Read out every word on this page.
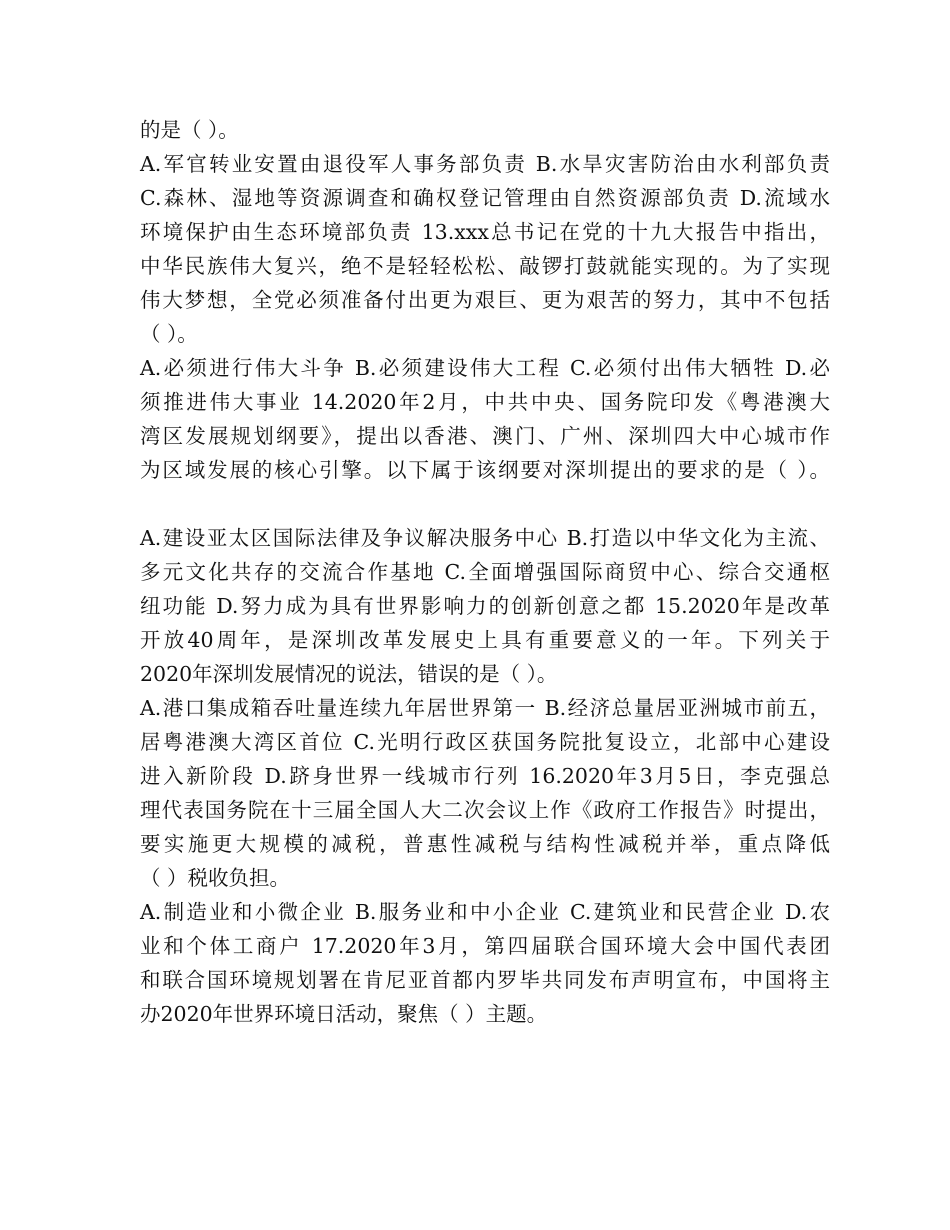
的是（ ）。
A.军官转业安置由退役军人事务部负责 B.水旱灾害防治由水利部负责
C.森林、湿地等资源调查和确权登记管理由自然资源部负责 D.流域水
环境保护由生态环境部负责 13.xxx总书记在党的十九大报告中指出，
中华民族伟大复兴，绝不是轻轻松松、敲锣打鼓就能实现的。为了实现
伟大梦想，全党必须准备付出更为艰巨、更为艰苦的努力，其中不包括
（ ）。
A.必须进行伟大斗争 B.必须建设伟大工程 C.必须付出伟大牺牲 D.必
须推进伟大事业 14.2020年2月，中共中央、国务院印发《粤港澳大
湾区发展规划纲要》，提出以香港、澳门、广州、深圳四大中心城市作
为区域发展的核心引擎。以下属于该纲要对深圳提出的要求的是（ ）。
A.建设亚太区国际法律及争议解决服务中心 B.打造以中华文化为主流、
多元文化共存的交流合作基地 C.全面增强国际商贸中心、综合交通枢
纽功能 D.努力成为具有世界影响力的创新创意之都 15.2020年是改革
开放40周年，是深圳改革发展史上具有重要意义的一年。下列关于
2020年深圳发展情况的说法，错误的是（ ）。
A.港口集成箱吞吐量连续九年居世界第一 B.经济总量居亚洲城市前五，
居粤港澳大湾区首位 C.光明行政区获国务院批复设立，北部中心建设
进入新阶段 D.跻身世界一线城市行列 16.2020年3月5日，李克强总
理代表国务院在十三届全国人大二次会议上作《政府工作报告》时提出，
要实施更大规模的减税，普惠性减税与结构性减税并举，重点降低
（ ）税收负担。
A.制造业和小微企业 B.服务业和中小企业 C.建筑业和民营企业 D.农
业和个体工商户 17.2020年3月，第四届联合国环境大会中国代表团
和联合国环境规划署在肯尼亚首都内罗毕共同发布声明宣布，中国将主
办2020年世界环境日活动，聚焦（ ）主题。
